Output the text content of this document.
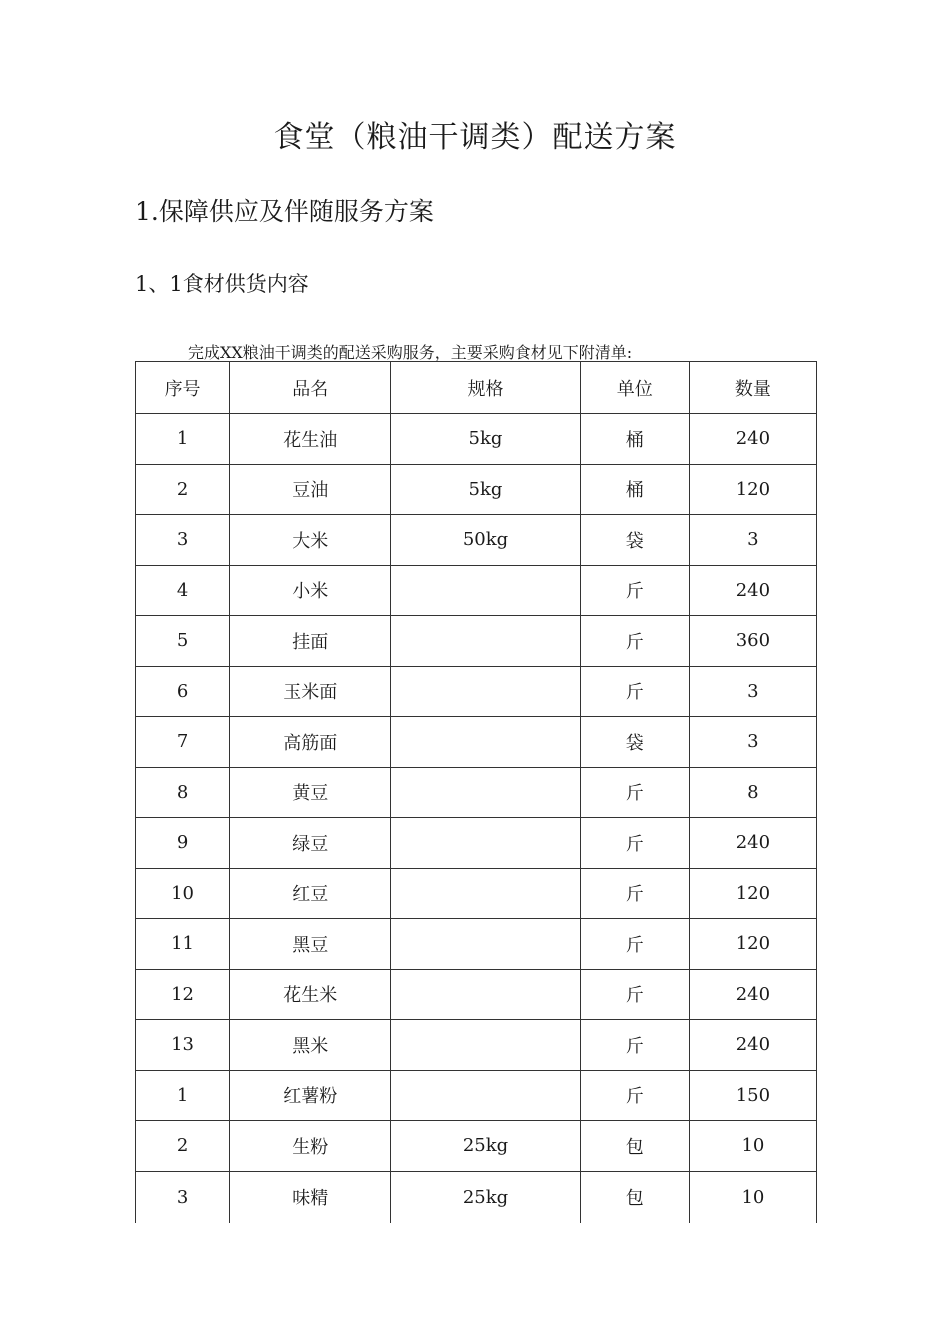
食堂（粮油干调类）配送方案
1.保障供应及伴随服务方案
1、1食材供货内容

完成XX粮油干调类的配送采购服务，主要采购食材见下附清单:

序号	品名	规格	单位	数量
1	花生油	5kg	桶	240
2	豆油	5kg	桶	120
3	大米	50kg	袋	3
4	小米		斤	240
5	挂面		斤	360
6	玉米面		斤	3
7	高筋面		袋	3
8	黄豆		斤	8
9	绿豆		斤	240
10	红豆		斤	120
11	黑豆		斤	120
12	花生米		斤	240
13	黑米		斤	240
1	红薯粉		斤	150
2	生粉	25kg	包	10
3	味精	25kg	包	10
